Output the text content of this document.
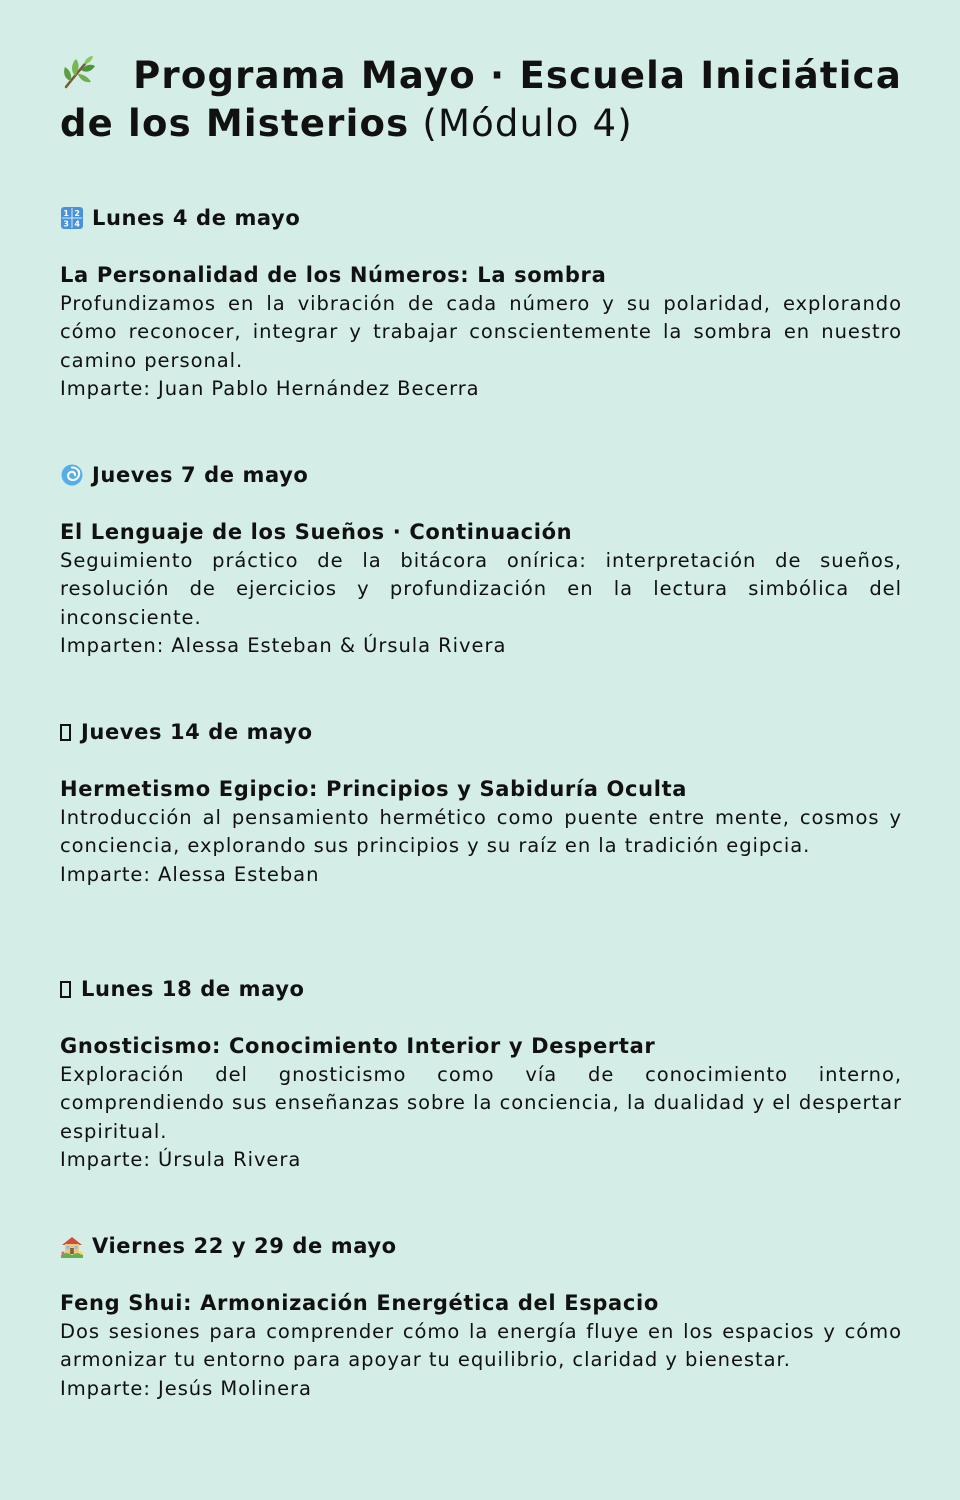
Programa Mayo · Escuela Iniciática de los Misterios (Módulo 4)
1 2
3 4 Lunes 4 de mayo
La Personalidad de los Números: La sombra

Profundizamos en la vibración de cada número y su polaridad, explorando cómo reconocer, integrar y trabajar conscientemente la sombra en nuestro camino personal.

Imparte: Juan Pablo Hernández Becerra
Jueves 7 de mayo
El Lenguaje de los Sueños · Continuación

Seguimiento práctico de la bitácora onírica: interpretación de sueños, resolución de ejercicios y profundización en la lectura simbólica del inconsciente.

Imparten: Alessa Esteban & Úrsula Rivera
Jueves 14 de mayo
Hermetismo Egipcio: Principios y Sabiduría Oculta

Introducción al pensamiento hermético como puente entre mente, cosmos y conciencia, explorando sus principios y su raíz en la tradición egipcia.

Imparte: Alessa Esteban
Lunes 18 de mayo
Gnosticismo: Conocimiento Interior y Despertar

Exploración del gnosticismo como vía de conocimiento interno, comprendiendo sus enseñanzas sobre la conciencia, la dualidad y el despertar espiritual.

Imparte: Úrsula Rivera
Viernes 22 y 29 de mayo
Feng Shui: Armonización Energética del Espacio

Dos sesiones para comprender cómo la energía fluye en los espacios y cómo armonizar tu entorno para apoyar tu equilibrio, claridad y bienestar.

Imparte: Jesús Molinera
